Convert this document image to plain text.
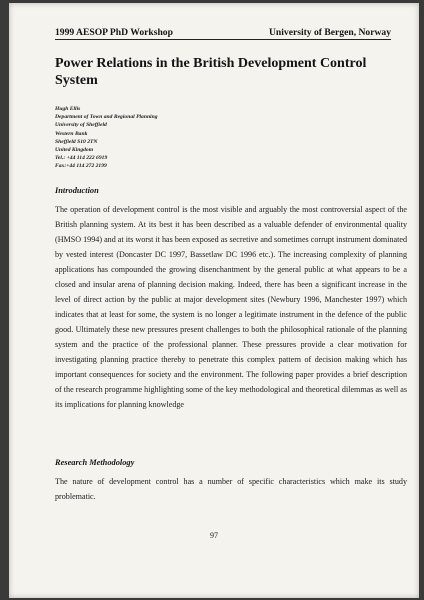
1999 AESOP PhD Workshop	University of Bergen, Norway
Power Relations in the British Development Control System
Hugh Ellis
Department of Town and Regional Planning
University of Sheffield
Western Bank
Sheffield S10 2TN
United Kingdom
Tel.: +44 114 222 6919
Fax:+44 114 272 2199
Introduction

The operation of development control is the most visible and arguably the most controversial aspect of the British planning system. At its best it has been described as a valuable defender of environmental quality (HMSO 1994) and at its worst it has been exposed as secretive and sometimes corrupt instrument dominated by vested interest (Doncaster DC 1997, Bassetlaw DC 1996 etc.). The increasing complexity of planning applications has compounded the growing disenchantment by the general public at what appears to be a closed and insular arena of planning decision making. Indeed, there has been a significant increase in the level of direct action by the public at major development sites (Newbury 1996, Manchester 1997) which indicates that at least for some, the system is no longer a legitimate instrument in the defence of the public good. Ultimately these new pressures present challenges to both the philosophical rationale of the planning system and the practice of the professional planner. These pressures provide a clear motivation for investigating planning practice thereby to penetrate this complex pattern of decision making which has important consequences for society and the environment. The following paper provides a brief description of the research programme highlighting some of the key methodological and theoretical dilemmas as well as its implications for planning knowledge

Research Methodology

The nature of development control has a number of specific characteristics which make its study problematic.

97
